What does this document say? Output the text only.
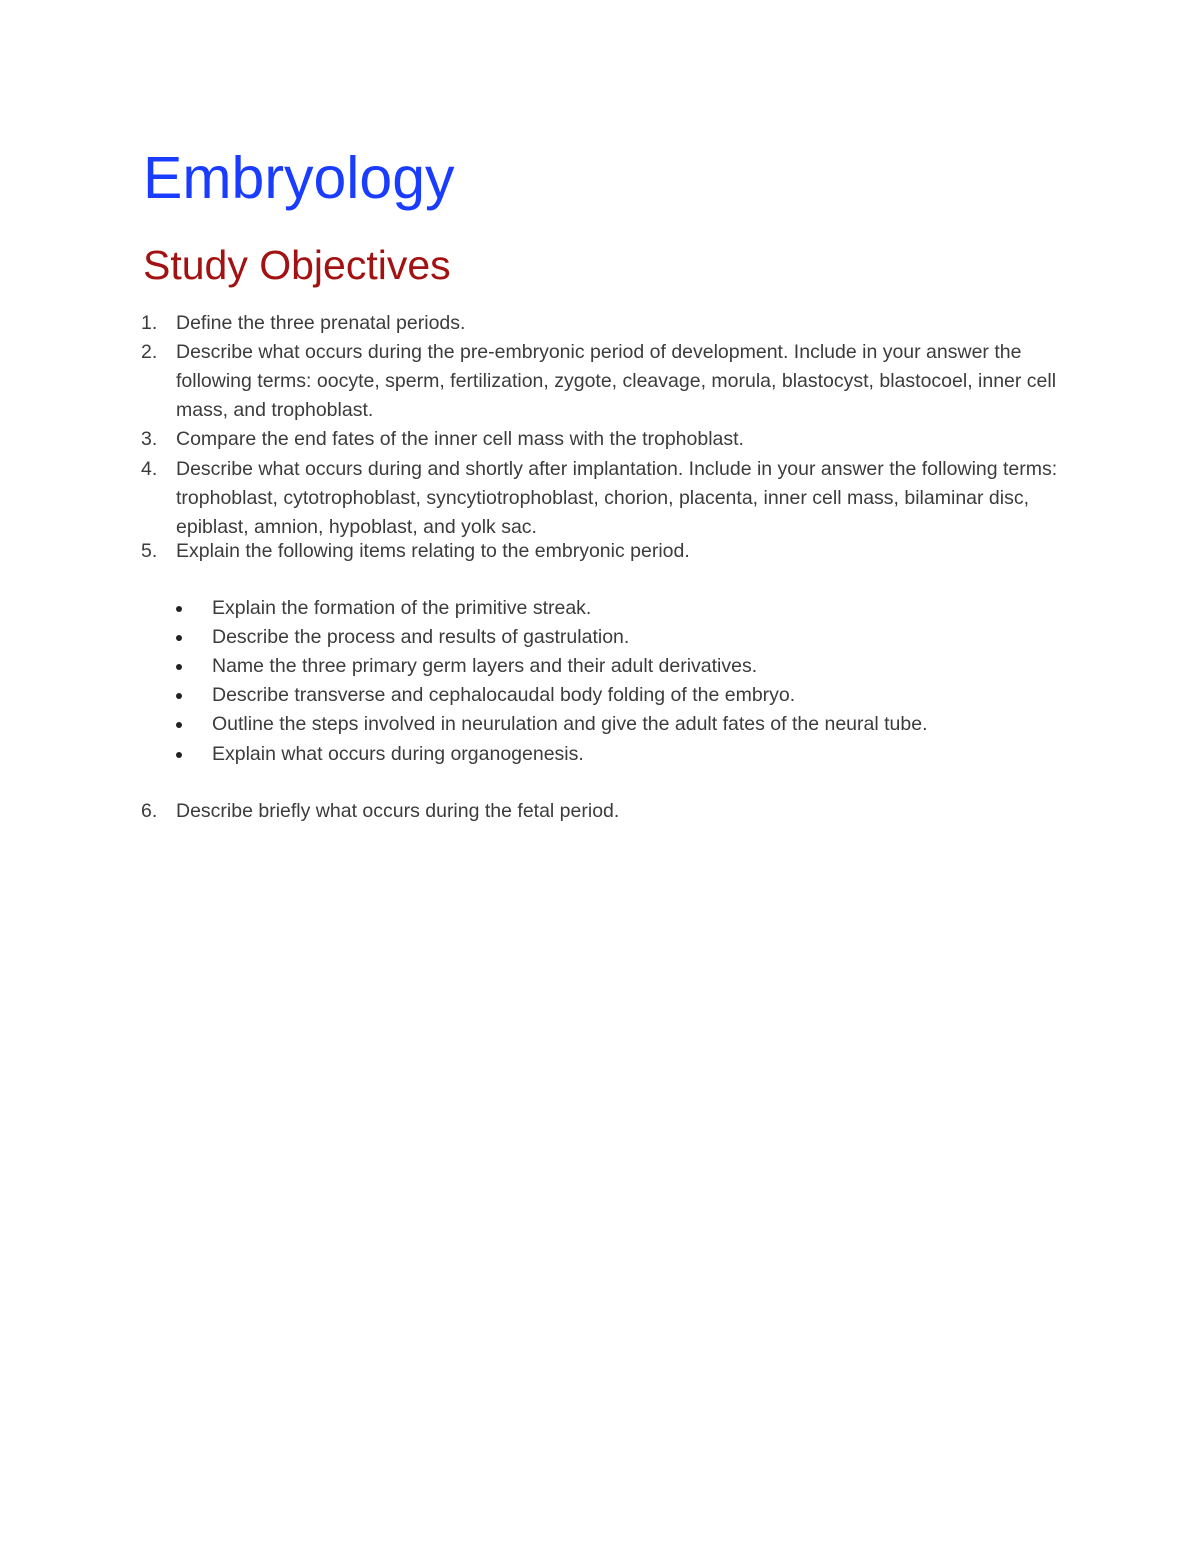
Embryology
Study Objectives
1. Define the three prenatal periods.
2. Describe what occurs during the pre-embryonic period of development. Include in your answer the following terms: oocyte, sperm, fertilization, zygote, cleavage, morula, blastocyst, blastocoel, inner cell mass, and trophoblast.
3. Compare the end fates of the inner cell mass with the trophoblast.
4. Describe what occurs during and shortly after implantation. Include in your answer the following terms: trophoblast, cytotrophoblast, syncytiotrophoblast, chorion, placenta, inner cell mass, bilaminar disc, epiblast, amnion, hypoblast, and yolk sac.
5. Explain the following items relating to the embryonic period.
Explain the formation of the primitive streak.
Describe the process and results of gastrulation.
Name the three primary germ layers and their adult derivatives.
Describe transverse and cephalocaudal body folding of the embryo.
Outline the steps involved in neurulation and give the adult fates of the neural tube.
Explain what occurs during organogenesis.
6. Describe briefly what occurs during the fetal period.
